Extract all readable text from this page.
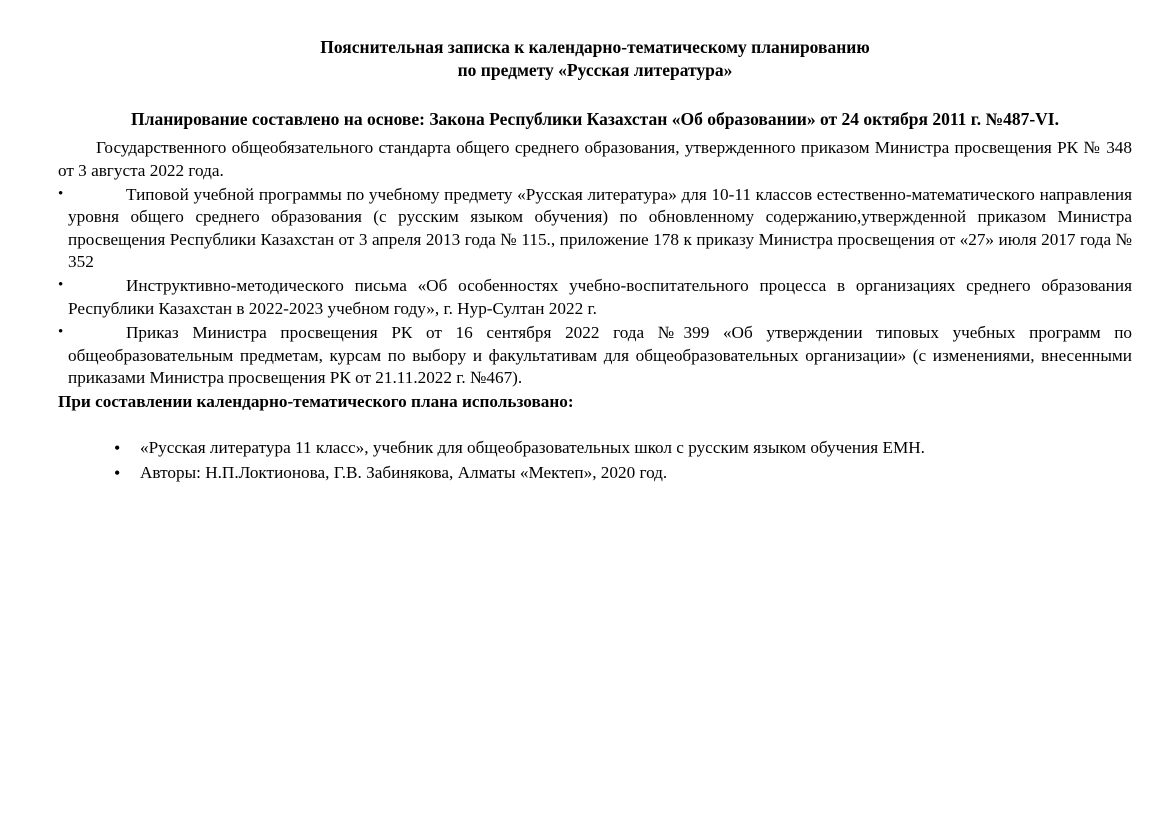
Пояснительная записка к календарно-тематическому планированию
по предмету «Русская литература»
Планирование составлено на основе: Закона Республики Казахстан «Об образовании» от 24 октября 2011 г. №487-VI.
Государственного общеобязательного стандарта общего среднего образования, утвержденного приказом Министра просвещения РК № 348 от 3 августа 2022 года.
•	Типовой учебной программы по учебному предмету «Русская литература» для 10-11 классов естественно-математического направления уровня общего среднего образования (с русским языком обучения) по обновленному содержанию,утвержденной приказом Министра просвещения Республики Казахстан от 3 апреля 2013 года № 115., приложение 178 к приказу Министра просвещения от «27» июля 2017 года № 352
•	Инструктивно-методического письма «Об особенностях учебно-воспитательного процесса в организациях среднего образования Республики Казахстан в 2022-2023 учебном году», г. Нур-Султан 2022 г.
•	Приказ Министра просвещения РК от 16 сентября 2022 года №399 «Об утверждении типовых учебных программ по общеобразовательным предметам, курсам по выбору и факультативам для общеобразовательных организации» (с изменениями, внесенными приказами Министра просвещения РК от 21.11.2022 г. №467).
При составлении календарно-тематического плана использовано:
• «Русская литература 11 класс», учебник для общеобразовательных школ с русским языком обучения ЕМН.
• Авторы: Н.П.Локтионова, Г.В. Забинякова, Алматы «Мектеп», 2020 год.
